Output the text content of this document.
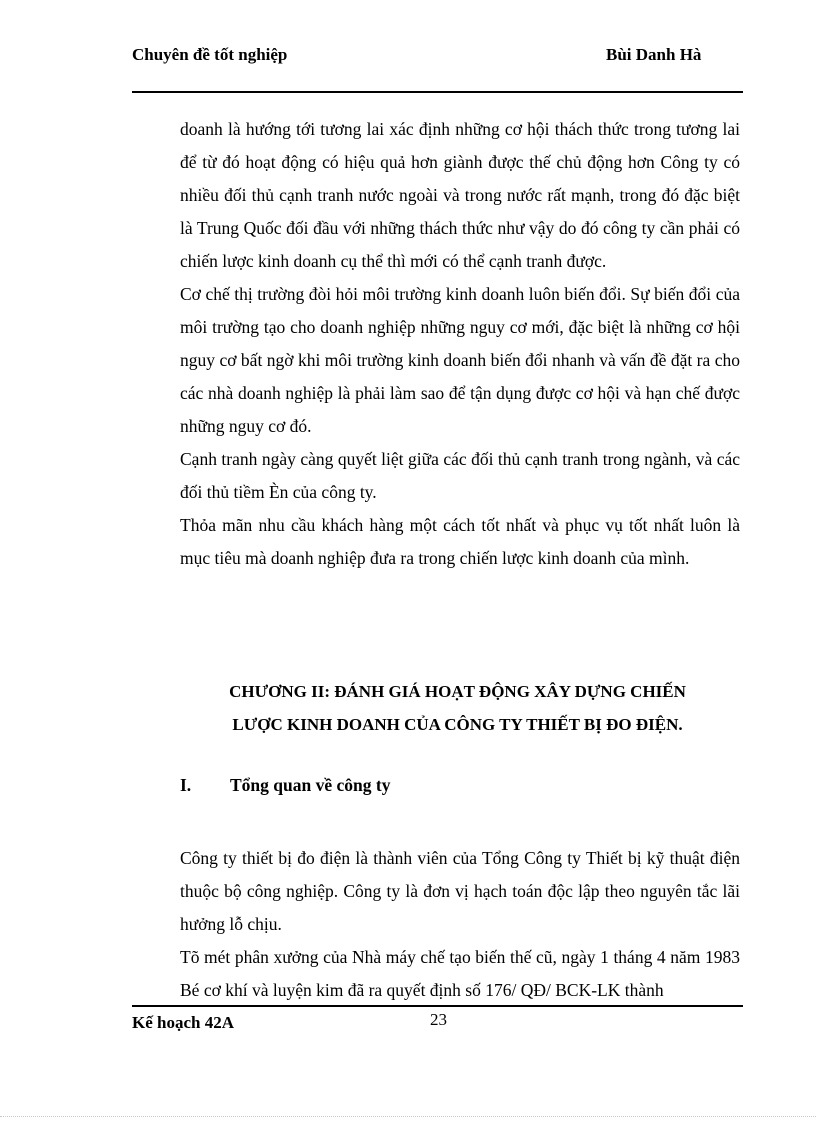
Chuyên đề tốt nghiệp	Bùi Danh Hà

doanh là hướng tới tương lai xác định những cơ hội thách thức trong tương lai để từ đó hoạt động có hiệu quả hơn giành được thế chủ động hơn Công ty có nhiều đối thủ cạnh tranh nước ngoài và trong nước rất mạnh, trong đó đặc biệt là Trung Quốc đối đầu với những thách thức như vậy do đó công ty cần phải có chiến lược kinh doanh cụ thể thì mới có thể cạnh tranh được.

Cơ chế thị trường đòi hỏi môi trường kinh doanh luôn biến đổi. Sự biến đổi của môi trường tạo cho doanh nghiệp những nguy cơ mới, đặc biệt là những cơ hội nguy cơ bất ngờ khi môi trường kinh doanh biến đổi nhanh và vấn đề đặt ra cho các nhà doanh nghiệp là phải làm sao để tận dụng được cơ hội và hạn chế được những nguy cơ đó.

Cạnh tranh ngày càng quyết liệt giữa các đối thủ cạnh tranh trong ngành, và các đối thủ tiềm Èn của công ty.

Thỏa mãn nhu cầu khách hàng một cách tốt nhất và phục vụ tốt nhất luôn là mục tiêu mà doanh nghiệp đưa ra trong chiến lược kinh doanh của mình.

CHƯƠNG II: ĐÁNH GIÁ HOẠT ĐỘNG XÂY DỰNG CHIẾN
LƯỢC KINH DOANH CỦA CÔNG TY THIẾT BỊ ĐO ĐIỆN.
I. Tổng quan về công ty

Công ty thiết bị đo điện là thành viên của Tổng Công ty Thiết bị kỹ thuật điện thuộc bộ công nghiệp. Công ty là đơn vị hạch toán độc lập theo nguyên tắc lãi hưởng lỗ chịu.

Tõ mét phân xưởng của Nhà máy chế tạo biến thế cũ, ngày 1 tháng 4 năm 1983 Bé cơ khí và luyện kim đã ra quyết định số 176/ QĐ/ BCK-LK thành

Kế hoạch 42A	23
